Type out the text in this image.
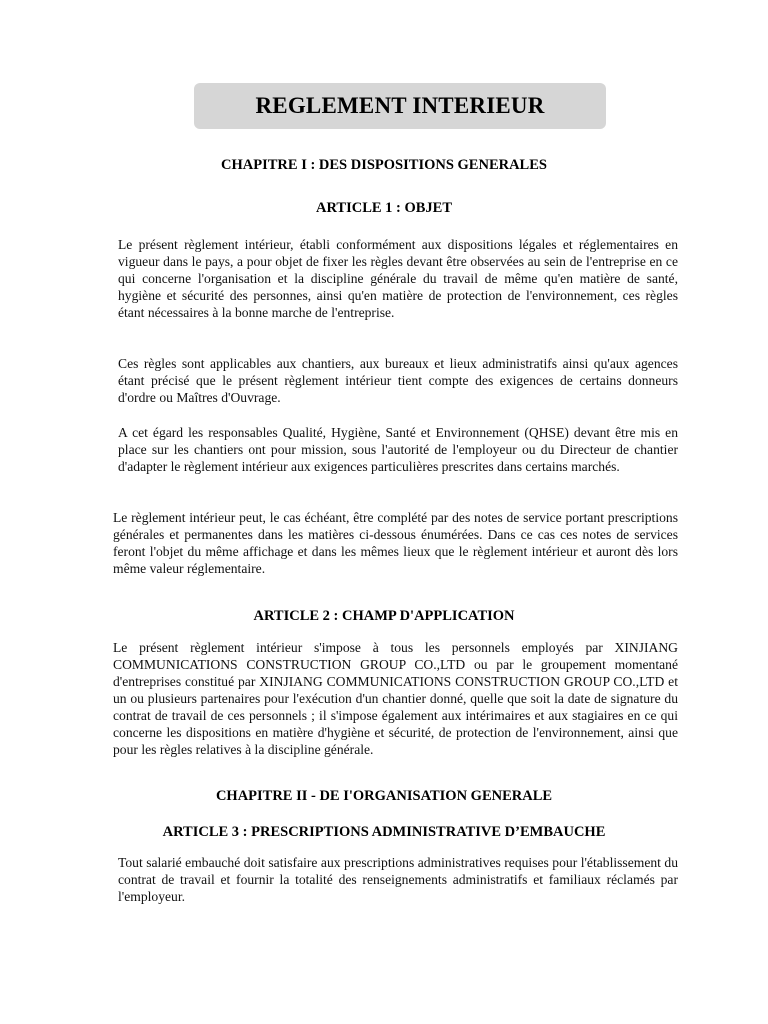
REGLEMENT INTERIEUR

CHAPITRE I : DES DISPOSITIONS GENERALES

ARTICLE 1 : OBJET

Le présent règlement intérieur, établi conformément aux dispositions légales et réglementaires en vigueur dans le pays, a pour objet de fixer les règles devant être observées au sein de l'entreprise en ce qui concerne l'organisation et la discipline générale du travail de même qu'en matière de santé, hygiène et sécurité des personnes, ainsi qu'en matière de protection de l'environnement, ces règles étant nécessaires à la bonne marche de l'entreprise.

Ces règles sont applicables aux chantiers, aux bureaux et lieux administratifs ainsi qu'aux agences étant précisé que le présent règlement intérieur tient compte des exigences de certains donneurs d'ordre ou Maîtres d'Ouvrage.

A cet égard les responsables Qualité, Hygiène, Santé et Environnement (QHSE) devant être mis en place sur les chantiers ont pour mission, sous l'autorité de l'employeur ou du Directeur de chantier d'adapter le règlement intérieur aux exigences particulières prescrites dans certains marchés.

Le règlement intérieur peut, le cas échéant, être complété par des notes de service portant prescriptions générales et permanentes dans les matières ci-dessous énumérées. Dans ce cas ces notes de services feront l'objet du même affichage et dans les mêmes lieux que le règlement intérieur et auront dès lors même valeur réglementaire.

ARTICLE 2 : CHAMP D'APPLICATION

Le présent règlement intérieur s'impose à tous les personnels employés par XINJIANG COMMUNICATIONS CONSTRUCTION GROUP CO.,LTD ou par le groupement momentané d'entreprises constitué par XINJIANG COMMUNICATIONS CONSTRUCTION GROUP CO.,LTD et un ou plusieurs partenaires pour l'exécution d'un chantier donné, quelle que soit la date de signature du contrat de travail de ces personnels ; il s'impose également aux intérimaires et aux stagiaires en ce qui concerne les dispositions en matière d'hygiène et sécurité, de protection de l'environnement, ainsi que pour les règles relatives à la discipline générale.

CHAPITRE II - DE I'ORGANISATION GENERALE

ARTICLE 3 : PRESCRIPTIONS ADMINISTRATIVE D’EMBAUCHE

Tout salarié embauché doit satisfaire aux prescriptions administratives requises pour l'établissement du contrat de travail et fournir la totalité des renseignements administratifs et familiaux réclamés par l'employeur.
